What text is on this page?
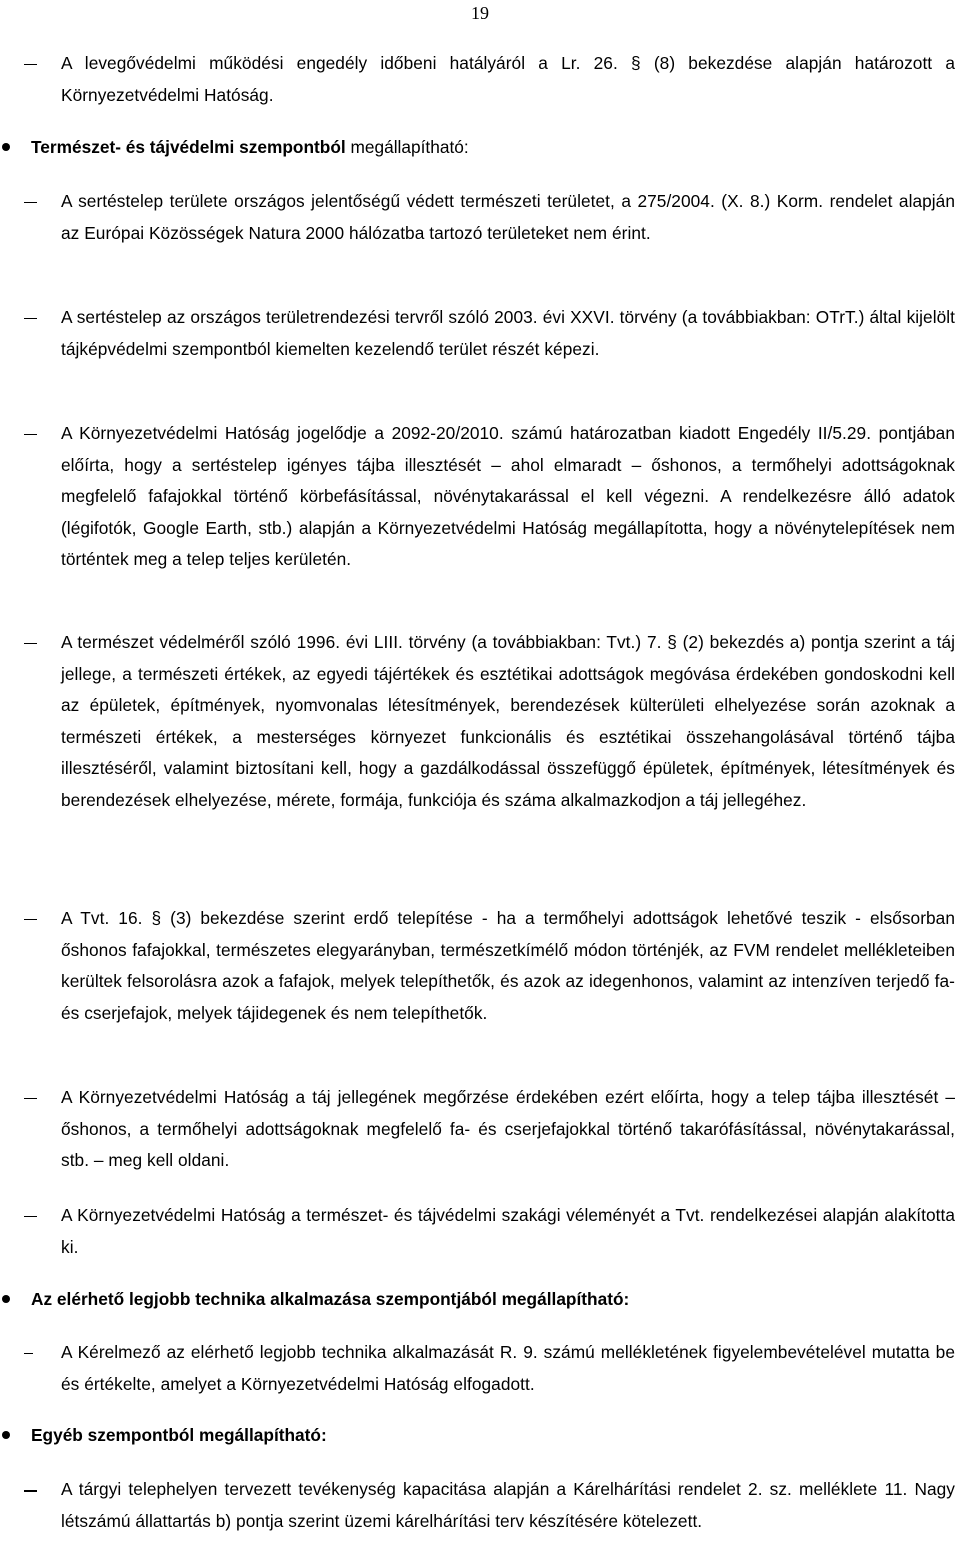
19

A levegővédelmi működési engedély időbeni hatályáról a Lr. 26. § (8) bekezdése alapján határozott a Környezetvédelmi Hatóság.

Természet- és tájvédelmi szempontból megállapítható:

A sertéstelep területe országos jelentőségű védett természeti területet, a 275/2004. (X. 8.) Korm. rendelet alapján az Európai Közösségek Natura 2000 hálózatba tartozó területeket nem érint.

A sertéstelep az országos területrendezési tervről szóló 2003. évi XXVI. törvény (a továbbiakban: OTrT.) által kijelölt tájképvédelmi szempontból kiemelten kezelendő terület részét képezi.

A Környezetvédelmi Hatóság jogelődje a 2092-20/2010. számú határozatban kiadott Engedély II/5.29. pontjában előírta, hogy a sertéstelep igényes tájba illesztését – ahol elmaradt – őshonos, a termőhelyi adottságoknak megfelelő fafajokkal történő körbefásítással, növénytakarással el kell végezni. A rendelkezésre álló adatok (légifotók, Google Earth, stb.) alapján a Környezetvédelmi Hatóság megállapította, hogy a növénytelepítések nem történtek meg a telep teljes kerületén.

A természet védelméről szóló 1996. évi LIII. törvény (a továbbiakban: Tvt.) 7. § (2) bekezdés a) pontja szerint a táj jellege, a természeti értékek, az egyedi tájértékek és esztétikai adottságok megóvása érdekében gondoskodni kell az épületek, építmények, nyomvonalas létesítmények, berendezések külterületi elhelyezése során azoknak a természeti értékek, a mesterséges környezet funkcionális és esztétikai összehangolásával történő tájba illesztéséről, valamint biztosítani kell, hogy a gazdálkodással összefüggő épületek, építmények, létesítmények és berendezések elhelyezése, mérete, formája, funkciója és száma alkalmazkodjon a táj jellegéhez.

A Tvt. 16. § (3) bekezdése szerint erdő telepítése - ha a termőhelyi adottságok lehetővé teszik - elsősorban őshonos fafajokkal, természetes elegyarányban, természetkímélő módon történjék, az FVM rendelet mellékleteiben kerültek felsorolásra azok a fafajok, melyek telepíthetők, és azok az idegenhonos, valamint az intenzíven terjedő fa- és cserjefajok, melyek tájidegenek és nem telepíthetők.

A Környezetvédelmi Hatóság a táj jellegének megőrzése érdekében ezért előírta, hogy a telep tájba illesztését – őshonos, a termőhelyi adottságoknak megfelelő fa- és cserjefajokkal történő takarófásítással, növénytakarással, stb. – meg kell oldani.

A Környezetvédelmi Hatóság a természet- és tájvédelmi szakági véleményét a Tvt. rendelkezései alapján alakította ki.

Az elérhető legjobb technika alkalmazása szempontjából megállapítható:

A Kérelmező az elérhető legjobb technika alkalmazását R. 9. számú mellékletének figyelembevételével mutatta be és értékelte, amelyet a Környezetvédelmi Hatóság elfogadott.

Egyéb szempontból megállapítható:

A tárgyi telephelyen tervezett tevékenység kapacitása alapján a Kárelhárítási rendelet 2. sz. melléklete 11. Nagy létszámú állattartás b) pontja szerint üzemi kárelhárítási terv készítésére kötelezett.
